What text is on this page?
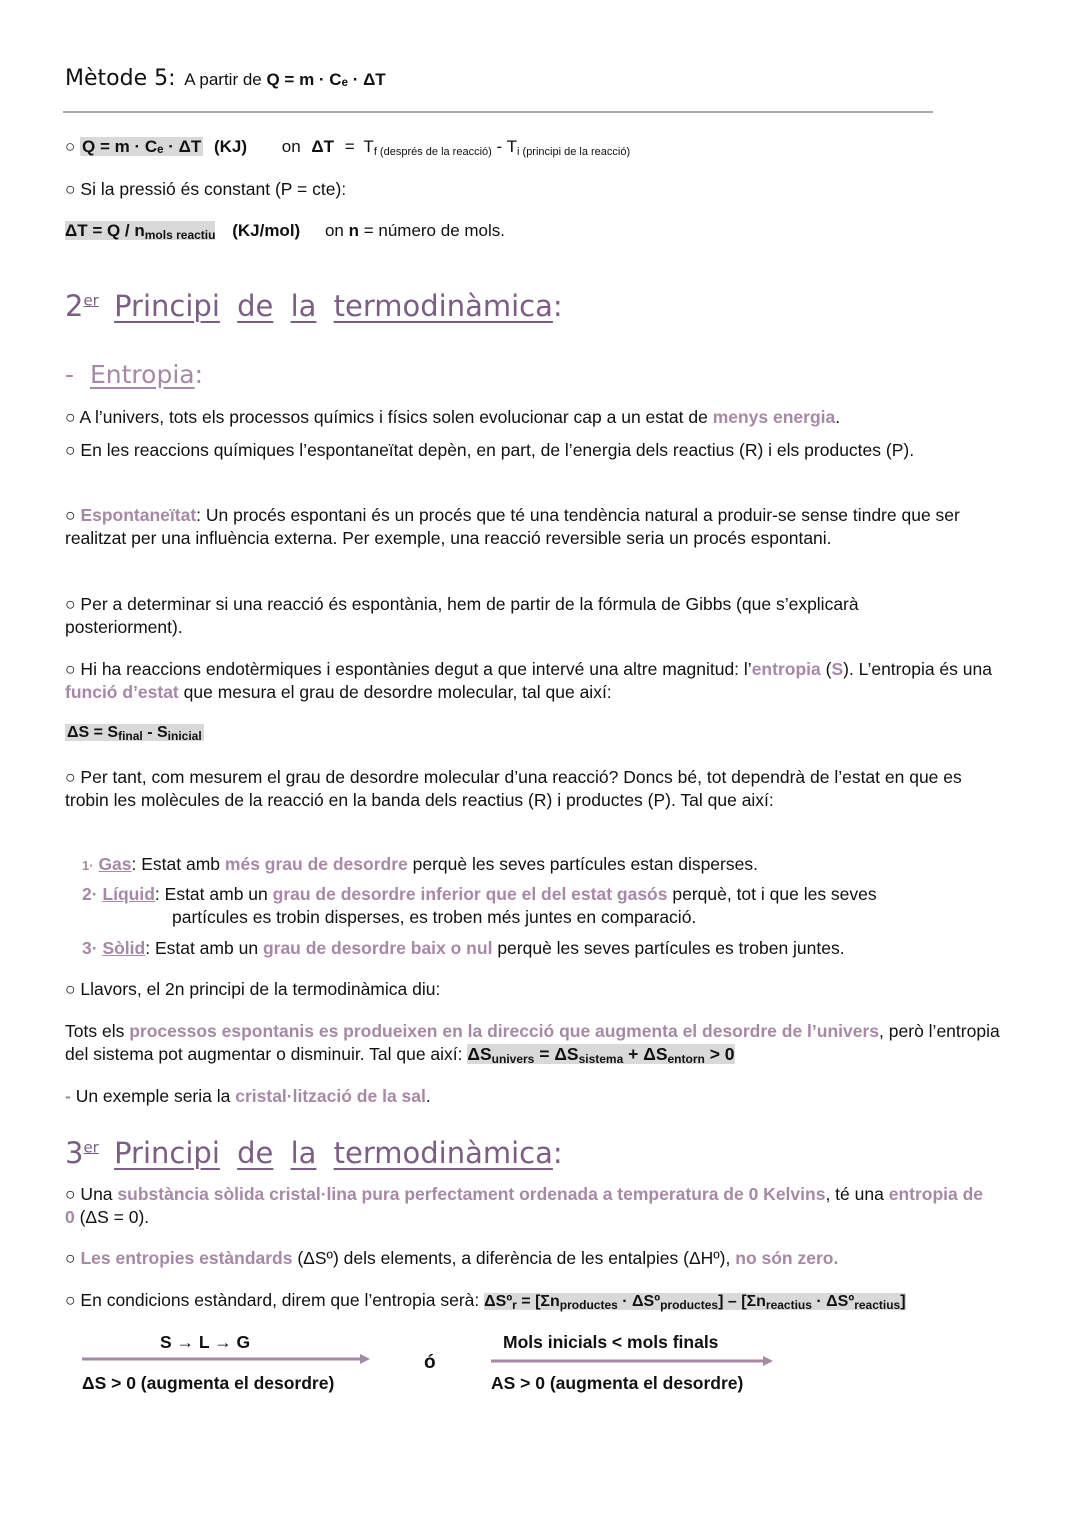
Mètode 5: A partir de Q = m · Cₑ · ΔT
○ Q = m · Cₑ · ΔT (KJ) on $\Delta T = T_{f (després de la reacció)} - T_{i (principi de la reacció)}$
○ Si la pressió és constant (P = cte):
ΔT = Q / nmols reactiu (KJ/mol) on n = número de mols.
2er Principi de la termodinàmica:
- Entropia:
○ A l’univers, tots els processos químics i físics solen evolucionar cap a un estat de menys energia.
○ En les reaccions químiques l’espontaneïtat depèn, en part, de l’energia dels reactius (R) i els productes (P).
○ Espontaneïtat: Un procés espontani és un procés que té una tendència natural a produir-se sense tindre que ser realitzat per una influència externa. Per exemple, una reacció reversible seria un procés espontani.
○ Per a determinar si una reacció és espontània, hem de partir de la fórmula de Gibbs (que s’explicarà posteriorment).
○ Hi ha reaccions endotèrmiques i espontànies degut a que intervé una altre magnitud: l’entropia (S). L’entropia és una funció d’estat que mesura el grau de desordre molecular, tal que així:
ΔS = Sfinal - Sinicial
○ Per tant, com mesurem el grau de desordre molecular d’una reacció? Doncs bé, tot dependrà de l’estat en que es trobin les molècules de la reacció en la banda dels reactius (R) i productes (P). Tal que així:
1· Gas: Estat amb més grau de desordre perquè les seves partícules estan disperses.
2· Líquid: Estat amb un grau de desordre inferior que el del estat gasós perquè, tot i que les seves
partícules es trobin disperses, es troben més juntes en comparació.
3· Sòlid: Estat amb un grau de desordre baix o nul perquè les seves partícules es troben juntes.
○ Llavors, el 2n principi de la termodinàmica diu:
Tots els processos espontanis es produeixen en la direcció que augmenta el desordre de l’univers, però l’entropia del sistema pot augmentar o disminuir. Tal que així: ΔSunivers = ΔSsistema + ΔSentorn > 0
- Un exemple seria la cristal·lització de la sal.
3er Principi de la termodinàmica:
○ Una substància sòlida cristal·lina pura perfectament ordenada a temperatura de 0 Kelvins, té una entropia de 0 (ΔS = 0).
○ Les entropies estàndards (ΔSº) dels elements, a diferència de les entalpies (ΔHº), no són zero.
○ En condicions estàndard, direm que l’entropia serà: ΔSºr = [Σnproductes · ΔSºproductes] – [Σnreactius · ΔSºreactius]
S → L → G
ΔS > 0 (augmenta el desordre)
ó
Mols inicials < mols finals
AS > 0 (augmenta el desordre)
